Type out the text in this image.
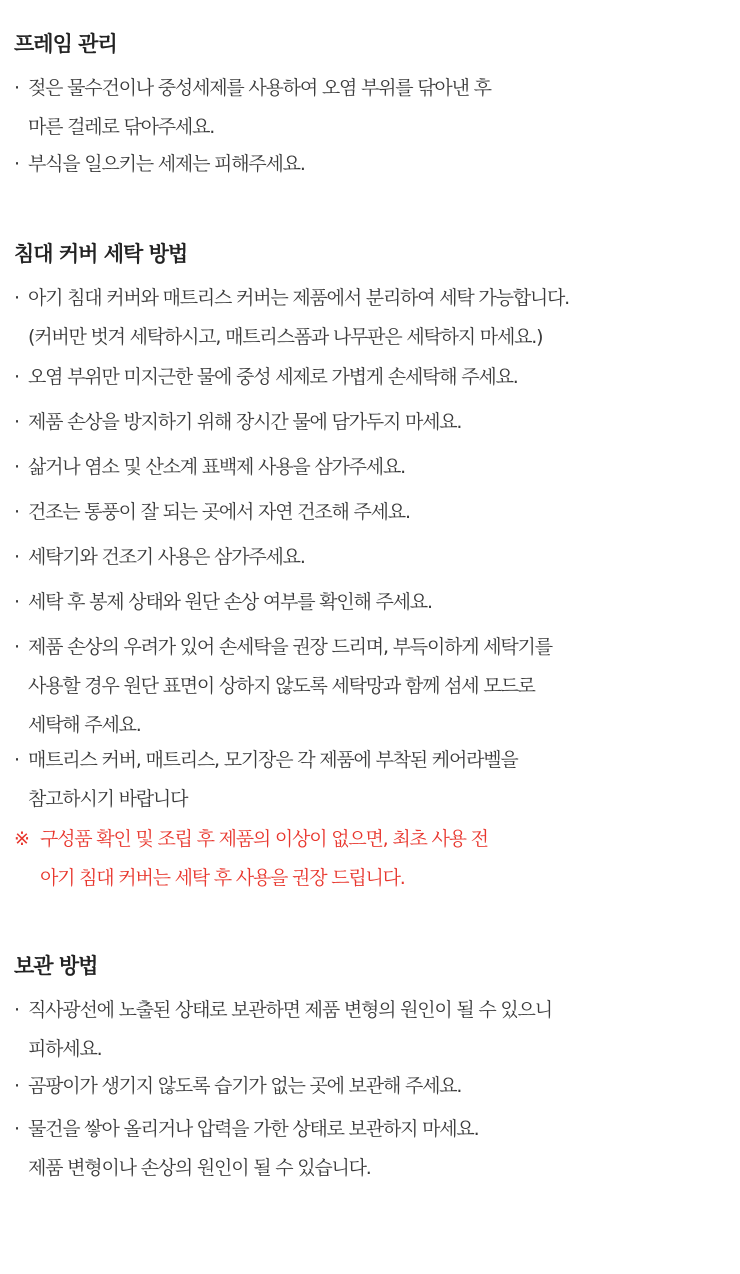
프레임 관리
· 젖은 물수건이나 중성세제를 사용하여 오염 부위를 닦아낸 후
마른 걸레로 닦아주세요.
· 부식을 일으키는 세제는 피해주세요.
침대 커버 세탁 방법
· 아기 침대 커버와 매트리스 커버는 제품에서 분리하여 세탁 가능합니다.
(커버만 벗겨 세탁하시고, 매트리스폼과 나무판은 세탁하지 마세요.)
· 오염 부위만 미지근한 물에 중성 세제로 가볍게 손세탁해 주세요.
· 제품 손상을 방지하기 위해 장시간 물에 담가두지 마세요.
· 삶거나 염소 및 산소계 표백제 사용을 삼가주세요.
· 건조는 통풍이 잘 되는 곳에서 자연 건조해 주세요.
· 세탁기와 건조기 사용은 삼가주세요.
· 세탁 후 봉제 상태와 원단 손상 여부를 확인해 주세요.
· 제품 손상의 우려가 있어 손세탁을 권장 드리며, 부득이하게 세탁기를
사용할 경우 원단 표면이 상하지 않도록 세탁망과 함께 섬세 모드로
세탁해 주세요.
· 매트리스 커버, 매트리스, 모기장은 각 제품에 부착된 케어라벨을
참고하시기 바랍니다
※ 구성품 확인 및 조립 후 제품의 이상이 없으면, 최초 사용 전
아기 침대 커버는 세탁 후 사용을 권장 드립니다.
보관 방법
· 직사광선에 노출된 상태로 보관하면 제품 변형의 원인이 될 수 있으니
피하세요.
· 곰팡이가 생기지 않도록 습기가 없는 곳에 보관해 주세요.
· 물건을 쌓아 올리거나 압력을 가한 상태로 보관하지 마세요.
제품 변형이나 손상의 원인이 될 수 있습니다.
